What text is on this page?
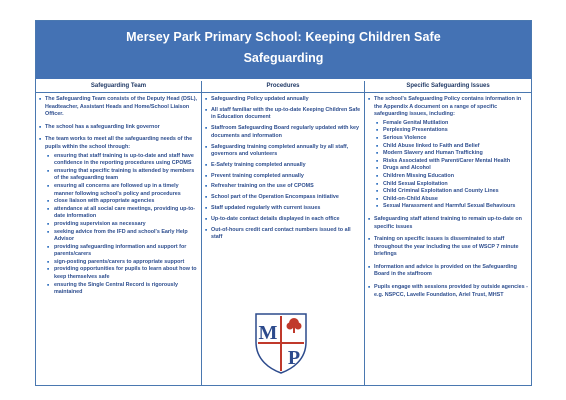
Mersey Park Primary School: Keeping Children Safe
Safeguarding
Safeguarding Team
■ The Safeguarding Team consists of the Deputy Head (DSL), Headteacher, Assistant Heads and Home/School Liaison Officer.
■ The school has a safeguarding link governor
■ The team works to meet all the safeguarding needs of the pupils within the school through:
■ ensuring that staff training is up-to-date and staff have confidence in the reporting procedures using CPOMS
■ ensuring that specific training is attended by members of the safeguarding team
■ ensuring all concerns are followed up in a timely manner following school's policy and procedures
■ close liaison with appropriate agencies
■ attendance at all social care meetings, providing up-to-date information
■ providing supervision as necessary
■ seeking advice from the IFD and school's Early Help Advisor
■ providing safeguarding information and support for parents/carers
■ sign-posting parents/carers to appropriate support
■ providing opportunities for pupils to learn about how to keep themselves safe
■ ensuring the Single Central Record is rigorously maintained
Procedures
■ Safeguarding Policy updated annually
■ All staff familiar with the up-to-date Keeping Children Safe in Education document
■ Staffroom Safeguarding Board regularly updated with key documents and information
■ Safeguarding training completed annually by all staff, governors and volunteers
■ E-Safety training completed annually
■ Prevent training completed annually
■ Refresher training on the use of CPOMS
■ School part of the Operation Encompass initiative
■ Staff updated regularly with current issues
■ Up-to-date contact details displayed in each office
■ Out-of-hours credit card contact numbers issued to all staff
M
P
Specific Safeguarding Issues
■ The school's Safeguarding Policy contains information in the Appendix A document on a range of specific safeguarding issues, including:
■ Female Genital Mutilation
■ Perplexing Presentations
■ Serious Violence
■ Child Abuse linked to Faith and Belief
■ Modern Slavery and Human Trafficking
■ Risks Associated with Parent/Carer Mental Health
■ Drugs and Alcohol
■ Children Missing Education
■ Child Sexual Exploitation
■ Child Criminal Exploitation and County Lines
■ Child-on-Child Abuse
■ Sexual Harassment and Harmful Sexual Behaviours
■ Safeguarding staff attend training to remain up-to-date on specific issues
■ Training on specific issues is disseminated to staff throughout the year including the use of WSCP 7 minute briefings
■ Information and advice is provided on the Safeguarding Board in the staffroom
■ Pupils engage with sessions provided by outside agencies - e.g. NSPCC, Lavelle Foundation, Ariel Trust, MHST
